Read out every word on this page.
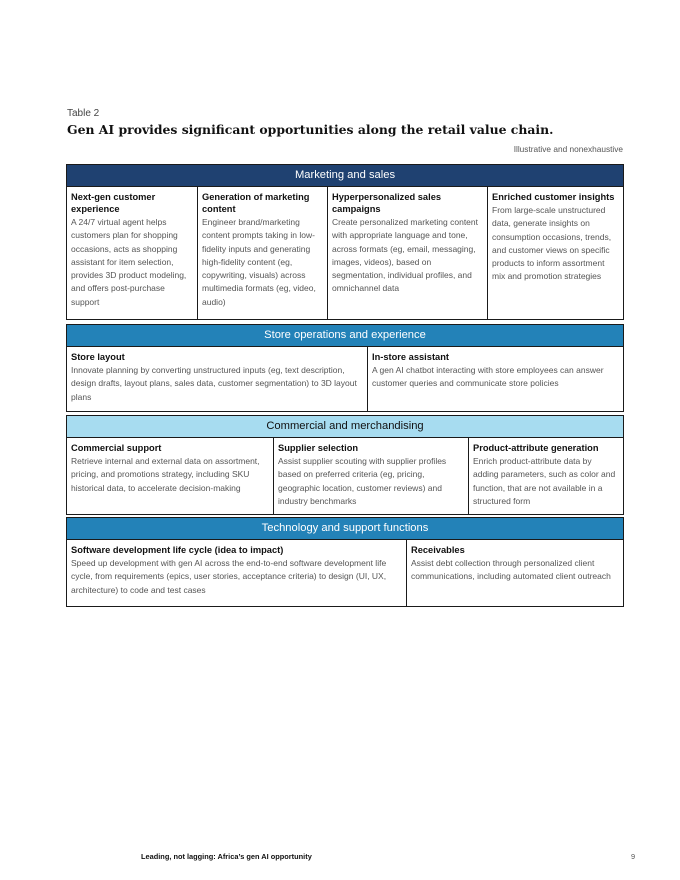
Table 2
Gen AI provides significant opportunities along the retail value chain.
Illustrative and nonexhaustive
Marketing and sales
Next-gen customer experience
A 24/7 virtual agent helps customers plan for shopping occasions, acts as shopping assistant for item selection, provides 3D product modeling, and offers post-purchase support
Generation of marketing content
Engineer brand/marketing content prompts taking in low-fidelity inputs and generating high-fidelity content (eg, copywriting, visuals) across multimedia formats (eg, video, audio)
Hyperpersonalized sales campaigns
Create personalized marketing content with appropriate language and tone, across formats (eg, email, messaging, images, videos), based on segmentation, individual profiles, and omnichannel data
Enriched customer insights
From large-scale unstructured data, generate insights on consumption occasions, trends, and customer views on specific products to inform assortment mix and promotion strategies
Store operations and experience
Store layout
Innovate planning by converting unstructured inputs (eg, text description, design drafts, layout plans, sales data, customer segmentation) to 3D layout plans
In-store assistant
A gen AI chatbot interacting with store employees can answer customer queries and communicate store policies
Commercial and merchandising
Commercial support
Retrieve internal and external data on assortment, pricing, and promotions strategy, including SKU historical data, to accelerate decision-making
Supplier selection
Assist supplier scouting with supplier profiles based on preferred criteria (eg, pricing, geographic location, customer reviews) and industry benchmarks
Product-attribute generation
Enrich product-attribute data by adding parameters, such as color and function, that are not available in a structured form
Technology and support functions
Software development life cycle (idea to impact)
Speed up development with gen AI across the end-to-end software development life cycle, from requirements (epics, user stories, acceptance criteria) to design (UI, UX, architecture) to code and test cases
Receivables
Assist debt collection through personalized client communications, including automated client outreach
Leading, not lagging: Africa’s gen AI opportunity	9
